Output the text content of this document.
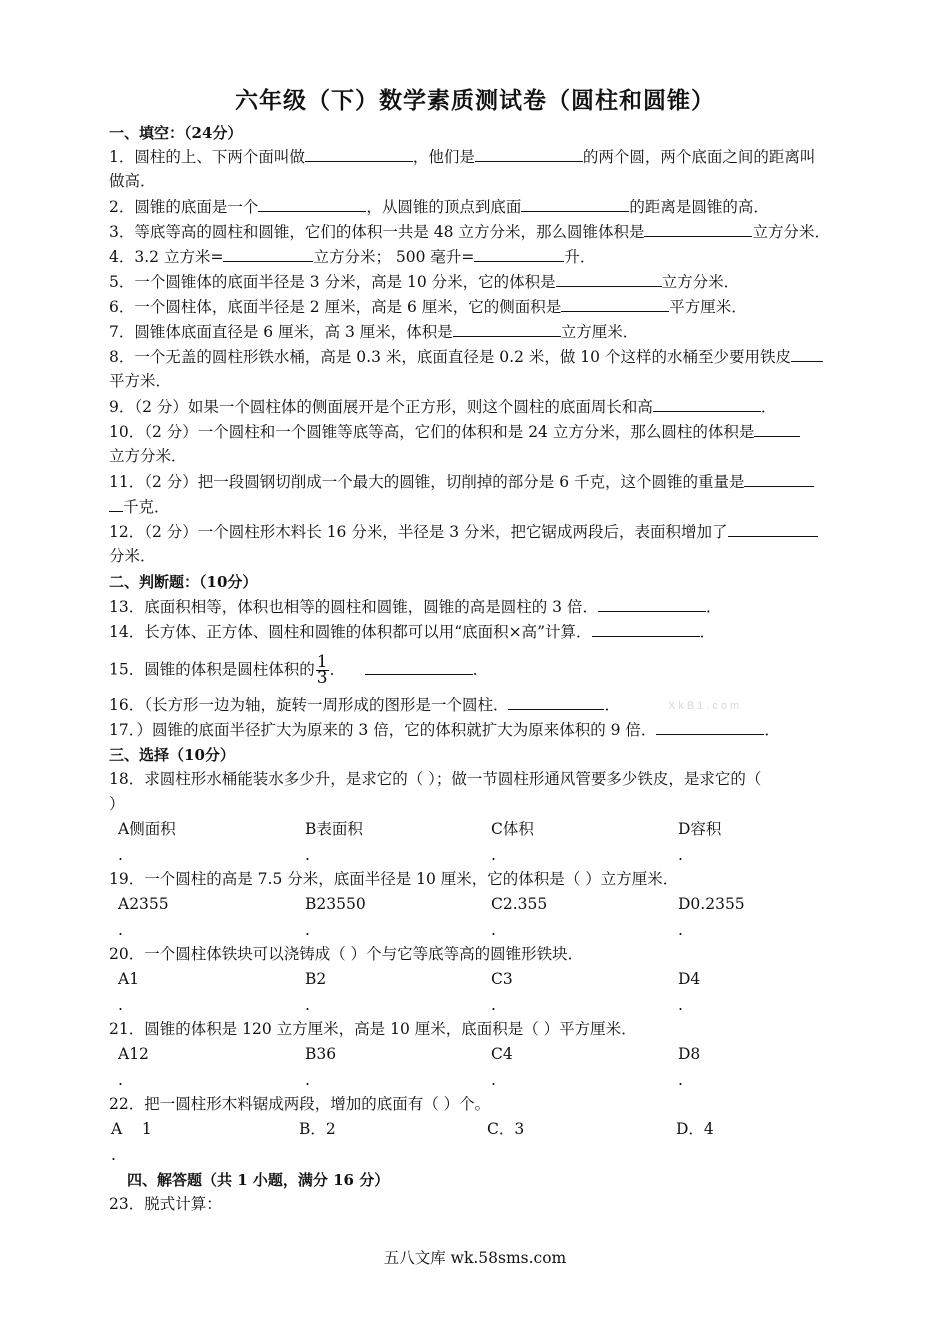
六年级（下）数学素质测试卷（圆柱和圆锥）
一、填空：（24分）
1．圆柱的上、下两个面叫做	，他们是	的两个圆，两个底面之间的距离叫
做高．
2．圆锥的底面是一个	，从圆锥的顶点到底面	的距离是圆锥的高．
3．等底等高的圆柱和圆锥，它们的体积一共是 48 立方分米，那么圆锥体积是	立方分米．
4．3.2 立方米=	立方分米； 500 毫升=	升．
5．一个圆锥体的底面半径是 3 分米，高是 10 分米，它的体积是	立方分米．
6．一个圆柱体，底面半径是 2 厘米，高是 6 厘米，它的侧面积是	平方厘米．
7．圆锥体底面直径是 6 厘米，高 3 厘米，体积是	立方厘米．
8．一个无盖的圆柱形铁水桶，高是 0.3 米，底面直径是 0.2 米，做 10 个这样的水桶至少要用铁皮
平方米．
9．（2 分）如果一个圆柱体的侧面展开是个正方形，则这个圆柱的底面周长和高	．
10．（2 分）一个圆柱和一个圆锥等底等高，它们的体积和是 24 立方分米，那么圆柱的体积是
立方分米．
11．（2 分）把一段圆钢切削成一个最大的圆锥，切削掉的部分是 6 千克，这个圆锥的重量是
千克．
12．（2 分）一个圆柱形木料长 16 分米，半径是 3 分米，把它锯成两段后，表面积增加了
分米．
二、判断题：（10分）
13．底面积相等，体积也相等的圆柱和圆锥，圆锥的高是圆柱的 3 倍．	．
14．长方体、正方体、圆柱和圆锥的体积都可以用“底面积×高”计算．	．
15．圆锥的体积是圆柱体积的 $\frac{1}{3}$ ．	．
16．（长方形一边为轴，旋转一周形成的图形是一个圆柱．	．	XkB1.com
17．）圆锥的底面半径扩大为原来的 3 倍，它的体积就扩大为原来体积的 9 倍．	．
三、选择（10分）
18．求圆柱形水桶能装水多少升，是求它的（ ）；做一节圆柱形通风管要多少铁皮，是求它的（
）
A侧面积	B表面积	C体积	D容积
.	.	.	.
19．一个圆柱的高是 7.5 分米，底面半径是 10 厘米，它的体积是（ ）立方厘米．
A2355	B23550	C2.355	D0.2355
.	.	.	.
20．一个圆柱体铁块可以浇铸成（ ）个与它等底等高的圆锥形铁块．
A1	B2	C3	D4
.	.	.	.
21．圆锥的体积是 120 立方厘米，高是 10 厘米，底面积是（ ）平方厘米．
A12	B36	C4	D8
.	.	.	.
22．把一圆柱形木料锯成两段，增加的底面有（ ）个。
A    1	B．2	C．3	D．4
.
四、解答题（共 1 小题，满分 16 分）
23．脱式计算：
五八文库 wk.58sms.com
